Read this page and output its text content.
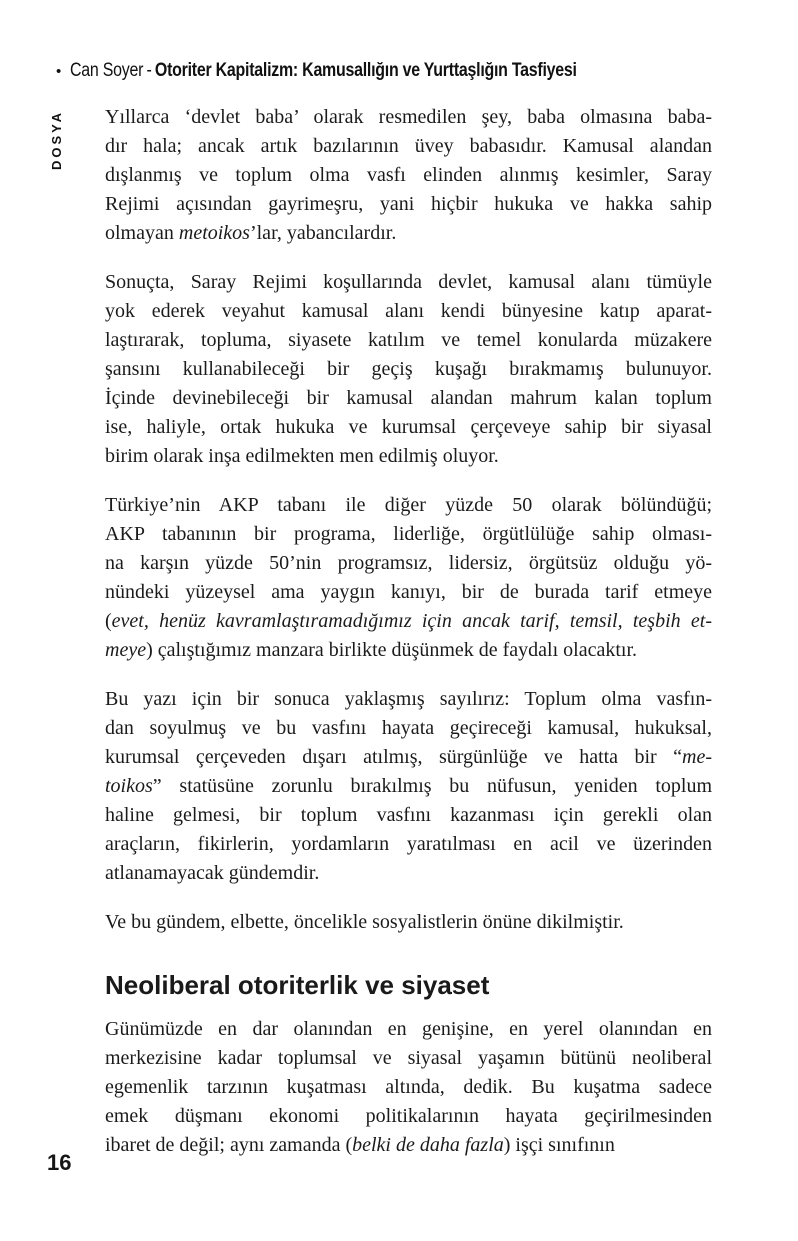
• Can Soyer - Otoriter Kapitalizm: Kamusallığın ve Yurttaşlığın Tasfiyesi
DOSYA Yıllarca ‘devlet baba’ olarak resmedilen şey, baba olmasına baba-
dır hala; ancak artık bazılarının üvey babasıdır. Kamusal alandan
dışlanmış ve toplum olma vasfı elinden alınmış kesimler, Saray
Rejimi açısından gayrimeşru, yani hiçbir hukuka ve hakka sahip
olmayan metoikos’lar, yabancılardır.

Sonuçta, Saray Rejimi koşullarında devlet, kamusal alanı tümüyle
yok ederek veyahut kamusal alanı kendi bünyesine katıp aparat-
laştırarak, topluma, siyasete katılım ve temel konularda müzakere
şansını kullanabileceği bir geçiş kuşağı bırakmamış bulunuyor.
İçinde devinebileceği bir kamusal alandan mahrum kalan toplum
ise, haliyle, ortak hukuka ve kurumsal çerçeveye sahip bir siyasal
birim olarak inşa edilmekten men edilmiş oluyor.

Türkiye’nin AKP tabanı ile diğer yüzde 50 olarak bölündüğü;
AKP tabanının bir programa, liderliğe, örgütlülüğe sahip olması-
na karşın yüzde 50’nin programsız, lidersiz, örgütsüz olduğu yö-
nündeki yüzeysel ama yaygın kanıyı, bir de burada tarif etmeye
(evet, henüz kavramlaştıramadığımız için ancak tarif, temsil, teşbih et-
meye) çalıştığımız manzara birlikte düşünmek de faydalı olacaktır.

Bu yazı için bir sonuca yaklaşmış sayılırız: Toplum olma vasfın-
dan soyulmuş ve bu vasfını hayata geçireceği kamusal, hukuksal,
kurumsal çerçeveden dışarı atılmış, sürgünlüğe ve hatta bir “me-
toikos” statüsüne zorunlu bırakılmış bu nüfusun, yeniden toplum
haline gelmesi, bir toplum vasfını kazanması için gerekli olan
araçların, fikirlerin, yordamların yaratılması en acil ve üzerinden
atlanamayacak gündemdir.

Ve bu gündem, elbette, öncelikle sosyalistlerin önüne dikilmiştir.

Neoliberal otoriterlik ve siyaset

Günümüzde en dar olanından en genişine, en yerel olanından en
merkezisine kadar toplumsal ve siyasal yaşamın bütünü neoliberal
egemenlik tarzının kuşatması altında, dedik. Bu kuşatma sadece
emek düşmanı ekonomi politikalarının hayata geçirilmesinden
ibaret de değil; aynı zamanda (belki de daha fazla) işçi sınıfının

16
